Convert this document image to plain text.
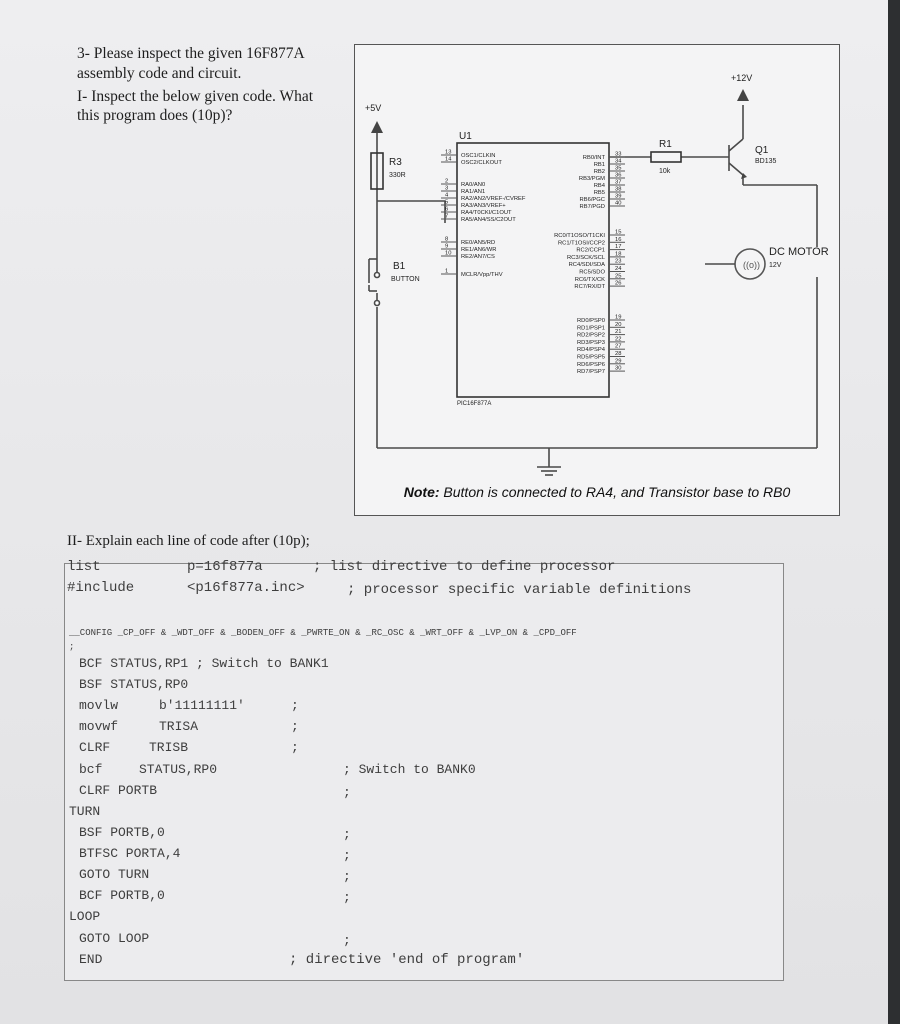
3- Please inspect the given 16F877A
assembly code and circuit.
I- Inspect the below given code. What
this program does (10p)?	+5V
+12V
R3
330R
R1
10k
Q1
BD135
B1
BUTTON
U1
PIC16F877A
DC MOTOR
12V
((o))
13
OSC1/CLKIN
14
OSC2/CLKOUT
2
RA0/AN0
3
RA1/AN1
4
RA2/AN2/VREF-/CVREF
5
RA3/AN3/VREF+
6
RA4/T0CKI/C1OUT
7
RA5/AN4/SS/C2OUT
8
RE0/AN5/RD
9
RE1/AN6/WR
10
RE2/AN7/CS
1
MCLR/Vpp/THV
33
RB0/INT
34
RB1
35
RB2
36
RB3/PGM
37
RB4
38
RB5
39
RB6/PGC
40
RB7/PGD
15
RC0/T1OSO/T1CKI
16
RC1/T1OSI/CCP2
17
RC2/CCP1
18
RC3/SCK/SCL
23
RC4/SDI/SDA
24
RC5/SDO
25
RC6/TX/CK
26
RC7/RX/DT
19
RD0/PSP0
20
RD1/PSP1
21
RD2/PSP2
22
RD3/PSP3
27
RD4/PSP4
28
RD5/PSP5
29
RD6/PSP6
30
RD7/PSP7
Note: Button is connected to RA4, and Transistor base to RB0
II- Explain each line of code after (10p);
list	p=16f877a	; list directive to define processor
#include	<p16f877a.inc>	; processor specific variable definitions
__CONFIG _CP_OFF & _WDT_OFF & _BODEN_OFF & _PWRTE_ON & _RC_OSC & _WRT_OFF & _LVP_ON & _CPD_OFF
;
BCF STATUS,RP1 ; Switch to BANK1
BSF STATUS,RP0
movlw	b'11111111'	;
movwf	TRISA	;
CLRF	TRISB	;
bcf	STATUS,RP0	; Switch to BANK0
CLRF PORTB	;
TURN
BSF PORTB,0	;
BTFSC PORTA,4	;
GOTO TURN	;
BCF PORTB,0	;
LOOP
GOTO LOOP	;
END	; directive 'end of program'
